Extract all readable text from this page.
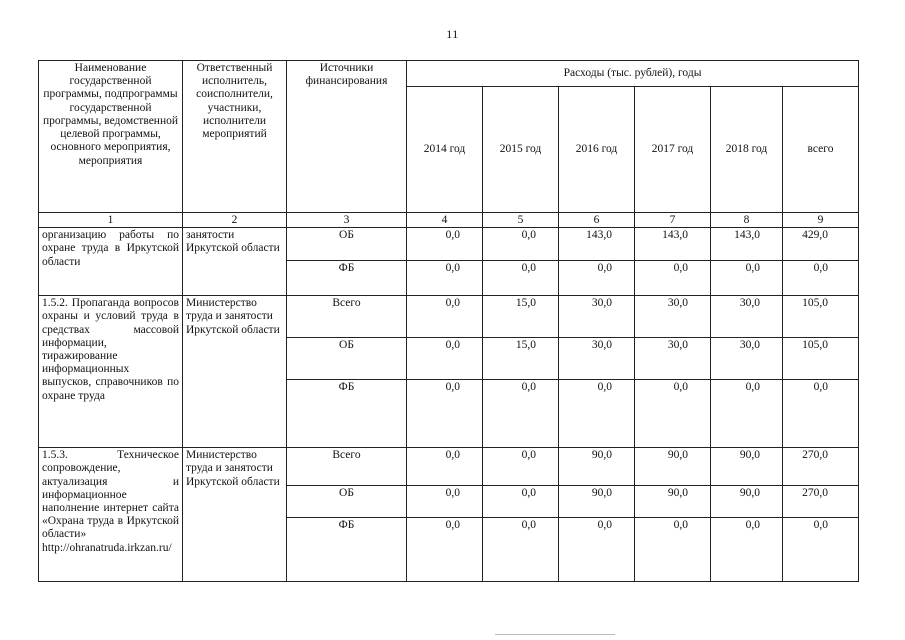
11
Наименование государственной программы, подпрограммы государственной программы, ведомственной целевой программы, основного мероприятия, мероприятия	Ответственный исполнитель, соисполнители, участники, исполнители мероприятий	Источники финансирования	Расходы (тыс. рублей), годы					
			2014 год	2015 год	2016 год	2017 год	2018 год	всего
1	2	3	4	5	6	7	8	9
организацию работы по охране труда в Иркутской области	занятости Иркутской области	ОБ	0,0	0,0	143,0	143,0	143,0	429,0
		ФБ	0,0	0,0	0,0	0,0	0,0	0,0
1.5.2. Пропаганда вопросов охраны и условий труда в средствах массовой информации, тиражирование информационных выпусков, справочников по охране труда	Министерство труда и занятости Иркутской области	Всего	0,0	15,0	30,0	30,0	30,0	105,0
		ОБ	0,0	15,0	30,0	30,0	30,0	105,0
		ФБ	0,0	0,0	0,0	0,0	0,0	0,0
1.5.3. Техническое сопровождение, актуализация и информационное наполнение интернет сайта «Охрана труда в Иркутской области» http://ohranatruda.irkzan.ru/	Министерство труда и занятости Иркутской области	Всего	0,0	0,0	90,0	90,0	90,0	270,0
		ОБ	0,0	0,0	90,0	90,0	90,0	270,0
		ФБ	0,0	0,0	0,0	0,0	0,0	0,0
